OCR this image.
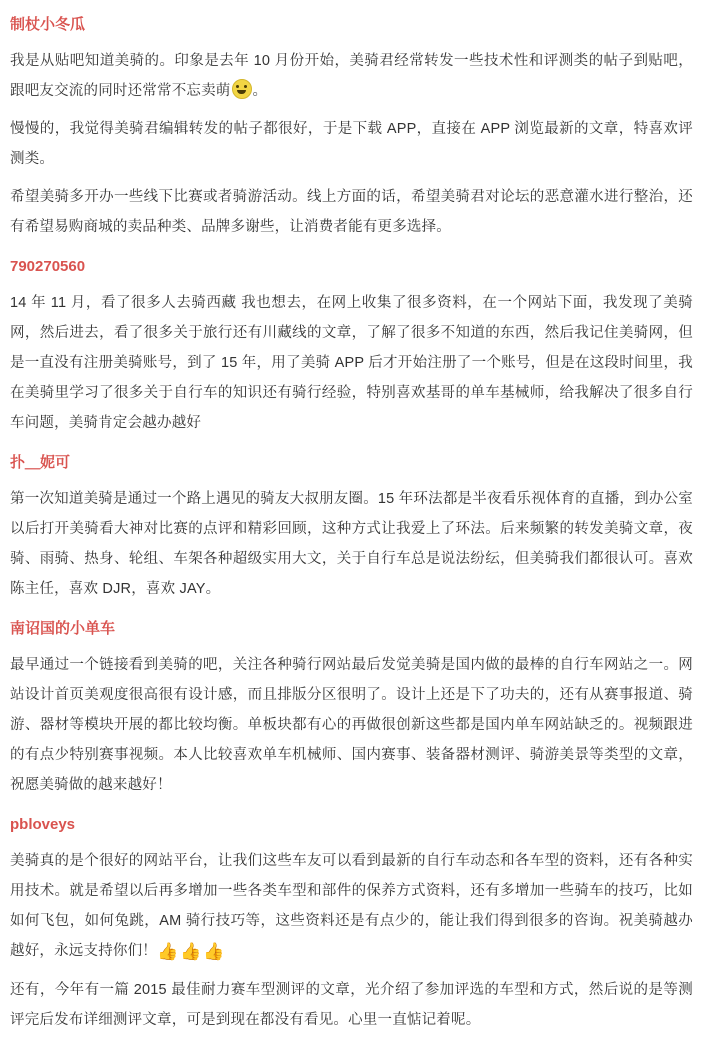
制杖小冬瓜

我是从贴吧知道美骑的。印象是去年 10 月份开始，美骑君经常转发一些技术性和评测类的帖子到贴吧，跟吧友交流的同时还常常不忘卖萌 。

慢慢的，我觉得美骑君编辑转发的帖子都很好，于是下载 APP，直接在 APP 浏览最新的文章，特喜欢评测类。

希望美骑多开办一些线下比赛或者骑游活动。线上方面的话，希望美骑君对论坛的恶意灌水进行整治，还有希望易购商城的卖品种类、品牌多谢些，让消费者能有更多选择。

790270560

14 年 11 月，看了很多人去骑西藏 我也想去，在网上收集了很多资料，在一个网站下面，我发现了美骑网，然后进去，看了很多关于旅行还有川藏线的文章，了解了很多不知道的东西，然后我记住美骑网，但是一直没有注册美骑账号，到了 15 年，用了美骑 APP 后才开始注册了一个账号，但是在这段时间里，我在美骑里学习了很多关于自行车的知识还有骑行经验，特别喜欢基哥的单车基械师，给我解决了很多自行车问题，美骑肯定会越办越好

扑＿妮可

第一次知道美骑是通过一个路上遇见的骑友大叔朋友圈。15 年环法都是半夜看乐视体育的直播，到办公室以后打开美骑看大神对比赛的点评和精彩回顾，这种方式让我爱上了环法。后来频繁的转发美骑文章，夜骑、雨骑、热身、轮组、车架各种超级实用大文，关于自行车总是说法纷纭，但美骑我们都很认可。喜欢陈主任，喜欢 DJR，喜欢 JAY。

南诏国的小单车

最早通过一个链接看到美骑的吧，关注各种骑行网站最后发觉美骑是国内做的最棒的自行车网站之一。网站设计首页美观度很高很有设计感，而且排版分区很明了。设计上还是下了功夫的，还有从赛事报道、骑游、器材等模块开展的都比较均衡。单板块都有心的再做很创新这些都是国内单车网站缺乏的。视频跟进的有点少特别赛事视频。本人比较喜欢单车机械师、国内赛事、装备器材测评、骑游美景等类型的文章，祝愿美骑做的越来越好！

pbloveys

美骑真的是个很好的网站平台，让我们这些车友可以看到最新的自行车动态和各车型的资料，还有各种实用技术。就是希望以后再多增加一些各类车型和部件的保养方式资料，还有多增加一些骑车的技巧，比如如何飞包，如何兔跳，AM 骑行技巧等，这些资料还是有点少的，能让我们得到很多的咨询。祝美骑越办越好，永远支持你们！👍👍👍

还有，今年有一篇 2015 最佳耐力赛车型测评的文章，光介绍了参加评选的车型和方式，然后说的是等测评完后发布详细测评文章，可是到现在都没有看见。心里一直惦记着呢。
